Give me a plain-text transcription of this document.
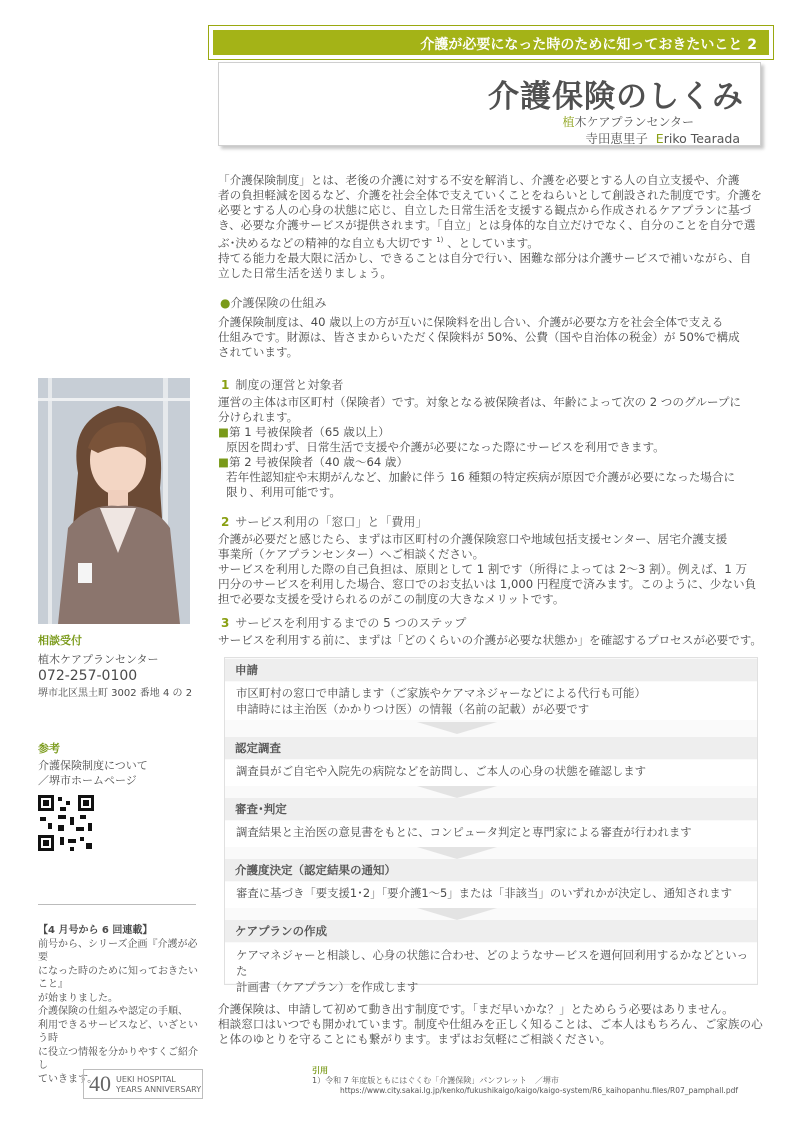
介護が必要になった時のために知っておきたいこと 2
介護保険のしくみ
植木ケアプランセンター
寺田恵里子 Eriko Tearada
「介護保険制度」とは、老後の介護に対する不安を解消し、介護を必要とする人の自立支援や、介護
者の負担軽減を図るなど、介護を社会全体で支えていくことをねらいとして創設された制度です。介護を
必要とする人の心身の状態に応じ、自立した日常生活を支援する観点から作成されるケアプランに基づ
き、必要な介護サービスが提供されます。「自立」とは身体的な自立だけでなく、自分のことを自分で選
ぶ･決めるなどの精神的な自立も大切です $^{1)}$ 、としています。
持てる能力を最大限に活かし、できることは自分で行い、困難な部分は介護サービスで補いながら、自
立した日常生活を送りましょう。
●介護保険の仕組み
介護保険制度は、40 歳以上の方が互いに保険料を出し合い、介護が必要な方を社会全体で支える
仕組みです。財源は、皆さまからいただく保険料が 50%、公費（国や自治体の税金）が 50%で構成
されています。
1 制度の運営と対象者
運営の主体は市区町村（保険者）です。対象となる被保険者は、年齢によって次の 2 つのグループに
分けられます。
■第 1 号被保険者（65 歳以上）
原因を問わず、日常生活で支援や介護が必要になった際にサービスを利用できます。
■第 2 号被保険者（40 歳～64 歳）
若年性認知症や末期がんなど、加齢に伴う 16 種類の特定疾病が原因で介護が必要になった場合に
限り、利用可能です。
2 サービス利用の「窓口」と「費用」
介護が必要だと感じたら、まずは市区町村の介護保険窓口や地域包括支援センター、居宅介護支援
事業所（ケアプランセンター）へご相談ください。
サービスを利用した際の自己負担は、原則として 1 割です（所得によっては 2～3 割）。例えば、1 万
円分のサービスを利用した場合、窓口でのお支払いは 1,000 円程度で済みます。このように、少ない負
担で必要な支援を受けられるのがこの制度の大きなメリットです。
3 サービスを利用するまでの 5 つのステップ
サービスを利用する前に、まずは「どのくらいの介護が必要な状態か」を確認するプロセスが必要です。
申請
市区町村の窓口で申請します（ご家族やケアマネジャーなどによる代行も可能）
申請時には主治医（かかりつけ医）の情報（名前の記載）が必要です
認定調査
調査員がご自宅や入院先の病院などを訪問し、ご本人の心身の状態を確認します
審査･判定
調査結果と主治医の意見書をもとに、コンピュータ判定と専門家による審査が行われます
介護度決定（認定結果の通知）
審査に基づき「要支援1･2」「要介護1～5」または「非該当」のいずれかが決定し、通知されます
ケアプランの作成
ケアマネジャーと相談し、心身の状態に合わせ、どのようなサービスを週何回利用するかなどといった
計画書（ケアプラン）を作成します
介護保険は、申請して初めて動き出す制度です。「まだ早いかな？」とためらう必要はありません。
相談窓口はいつでも開かれています。制度や仕組みを正しく知ることは、ご本人はもちろん、ご家族の心
と体のゆとりを守ることにも繋がります。まずはお気軽にご相談ください。
相談受付
植木ケアプランセンター
072-257-0100
堺市北区黒土町 3002 番地 4 の 2
参考
介護保険制度について
／堺市ホームページ
【4 月号から 6 回連載】
前号から、シリーズ企画『介護が必要
になった時のために知っておきたいこと』
が始まりました。
介護保険の仕組みや認定の手順、
利用できるサービスなど、いざという時
に役立つ情報を分かりやすくご紹介し
ていきます。
40 UEKI HOSPITAL
YEARS ANNIVERSARY
引用
1）令和 7 年度版ともにはぐくむ「介護保険」パンフレット　／堺市
https://www.city.sakai.lg.jp/kenko/fukushikaigo/kaigo/kaigo-system/R6_kaihopanhu.files/R07_pamphall.pdf
